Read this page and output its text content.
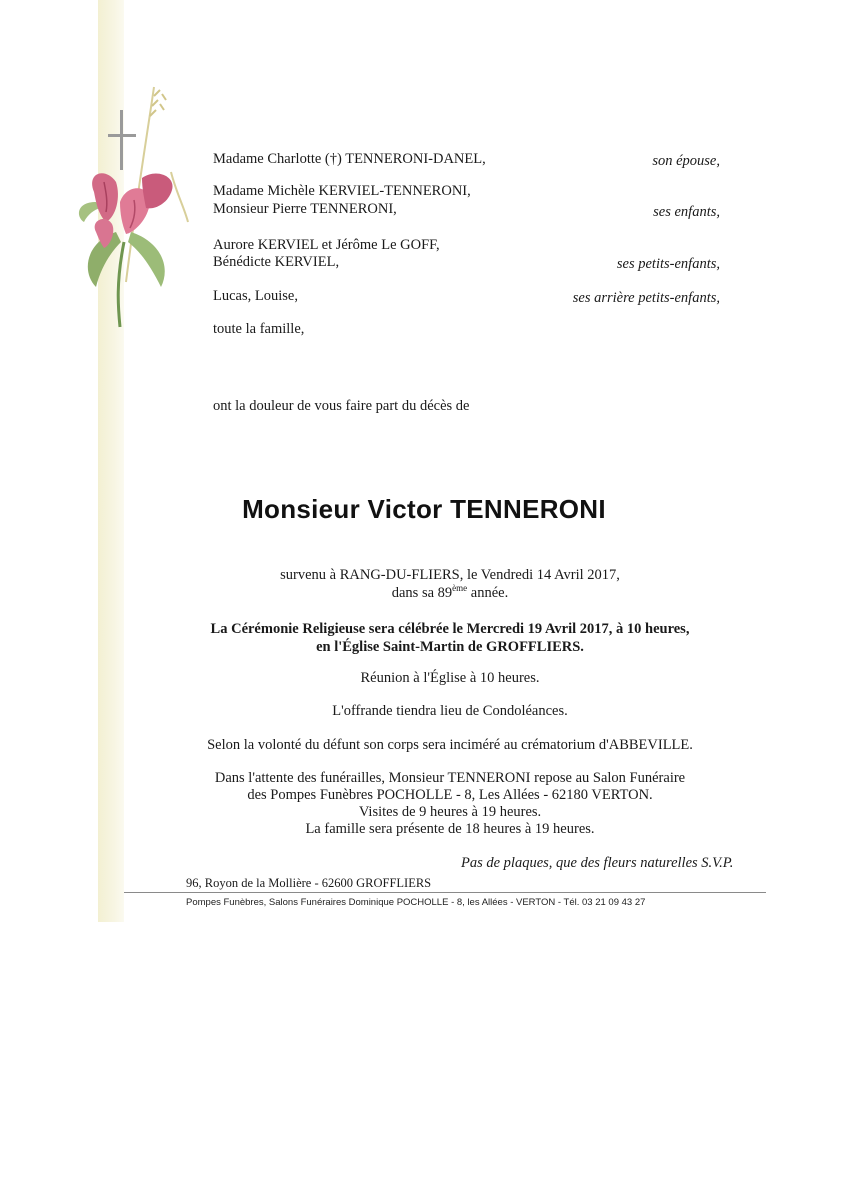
Madame Charlotte (†) TENNERONI-DANEL,	son épouse,
Madame Michèle KERVIEL-TENNERONI,
Monsieur Pierre TENNERONI,	ses enfants,
Aurore KERVIEL et Jérôme Le GOFF,
Bénédicte KERVIEL,	ses petits-enfants,
Lucas, Louise,	ses arrière petits-enfants,
toute la famille,
ont la douleur de vous faire part du décès de
Monsieur Victor TENNERONI
survenu à RANG-DU-FLIERS, le Vendredi 14 Avril 2017,
dans sa 89ème année.
La Cérémonie Religieuse sera célébrée le Mercredi 19 Avril 2017, à 10 heures,
en l'Église Saint-Martin de GROFFLIERS.
Réunion à l'Église à 10 heures.
L'offrande tiendra lieu de Condoléances.
Selon la volonté du défunt son corps sera inciméré au crématorium d'ABBEVILLE.
Dans l'attente des funérailles, Monsieur TENNERONI repose au Salon Funéraire
des Pompes Funèbres POCHOLLE - 8, Les Allées - 62180 VERTON.
Visites de 9 heures à 19 heures.
La famille sera présente de 18 heures à 19 heures.
Pas de plaques, que des fleurs naturelles S.V.P.
96, Royon de la Mollière - 62600 GROFFLIERS
Pompes Funèbres, Salons Funéraires Dominique POCHOLLE - 8, les Allées - VERTON - Tél. 03 21 09 43 27
